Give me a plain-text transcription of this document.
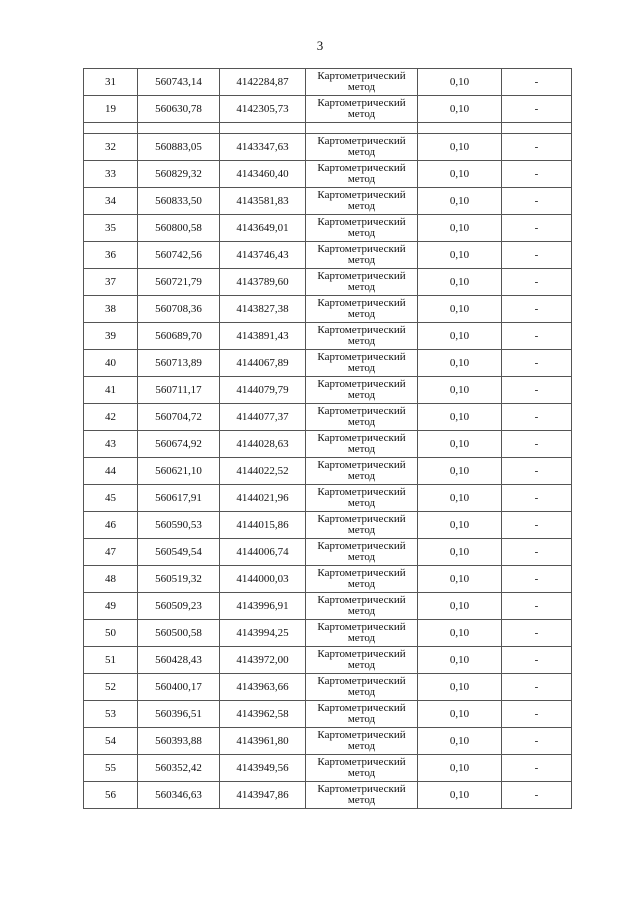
3
31	560743,14	4142284,87	Картометрический
метод	0,10	-
19	560630,78	4142305,73	Картометрический
метод	0,10	-

32	560883,05	4143347,63	Картометрический
метод	0,10	-
33	560829,32	4143460,40	Картометрический
метод	0,10	-
34	560833,50	4143581,83	Картометрический
метод	0,10	-
35	560800,58	4143649,01	Картометрический
метод	0,10	-
36	560742,56	4143746,43	Картометрический
метод	0,10	-
37	560721,79	4143789,60	Картометрический
метод	0,10	-
38	560708,36	4143827,38	Картометрический
метод	0,10	-
39	560689,70	4143891,43	Картометрический
метод	0,10	-
40	560713,89	4144067,89	Картометрический
метод	0,10	-
41	560711,17	4144079,79	Картометрический
метод	0,10	-
42	560704,72	4144077,37	Картометрический
метод	0,10	-
43	560674,92	4144028,63	Картометрический
метод	0,10	-
44	560621,10	4144022,52	Картометрический
метод	0,10	-
45	560617,91	4144021,96	Картометрический
метод	0,10	-
46	560590,53	4144015,86	Картометрический
метод	0,10	-
47	560549,54	4144006,74	Картометрический
метод	0,10	-
48	560519,32	4144000,03	Картометрический
метод	0,10	-
49	560509,23	4143996,91	Картометрический
метод	0,10	-
50	560500,58	4143994,25	Картометрический
метод	0,10	-
51	560428,43	4143972,00	Картометрический
метод	0,10	-
52	560400,17	4143963,66	Картометрический
метод	0,10	-
53	560396,51	4143962,58	Картометрический
метод	0,10	-
54	560393,88	4143961,80	Картометрический
метод	0,10	-
55	560352,42	4143949,56	Картометрический
метод	0,10	-
56	560346,63	4143947,86	Картометрический
метод	0,10	-
